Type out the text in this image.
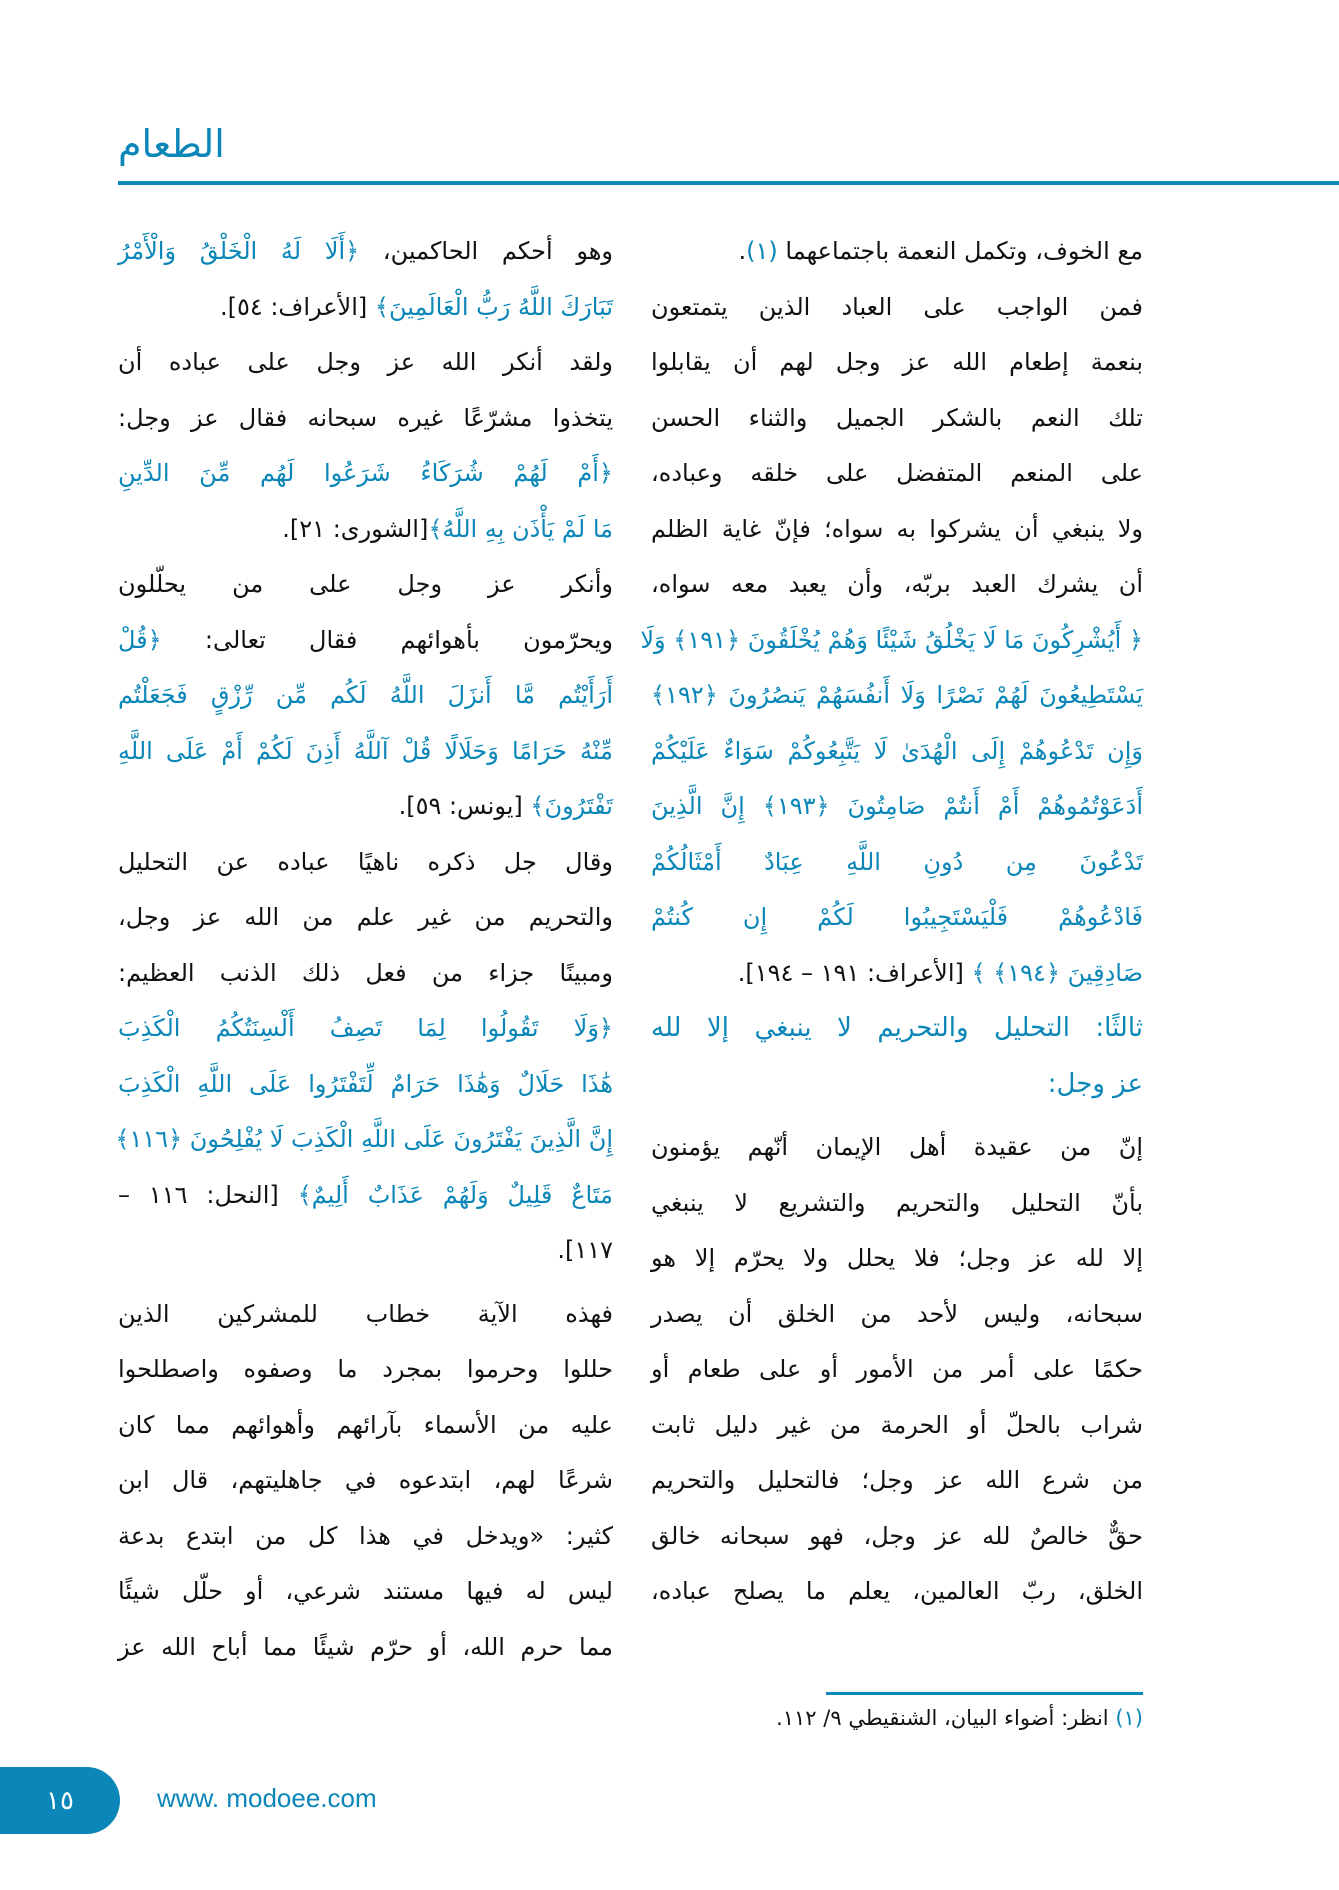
الطعام
مع الخوف، وتكمل النعمة باجتماعهما (١).
فمن الواجب على العباد الذين يتمتعون
بنعمة إطعام الله عز وجل لهم أن يقابلوا
تلك النعم بالشكر الجميل والثناء الحسن
على المنعم المتفضل على خلقه وعباده،
ولا ينبغي أن يشركوا به سواه؛ فإنّ غاية الظلم
أن يشرك العبد بربّه، وأن يعبد معه سواه،
﴿ أَيُشْرِكُونَ مَا لَا يَخْلُقُ شَيْئًا وَهُمْ يُخْلَقُونَ ﴿١٩١﴾ وَلَا
يَسْتَطِيعُونَ لَهُمْ نَصْرًا وَلَا أَنفُسَهُمْ يَنصُرُونَ ﴿١٩٢﴾
وَإِن تَدْعُوهُمْ إِلَى الْهُدَىٰ لَا يَتَّبِعُوكُمْ سَوَاءٌ عَلَيْكُمْ
أَدَعَوْتُمُوهُمْ أَمْ أَنتُمْ صَامِتُونَ ﴿١٩٣﴾ إِنَّ الَّذِينَ
تَدْعُونَ مِن دُونِ اللَّهِ عِبَادٌ أَمْثَالُكُمْ
فَادْعُوهُمْ فَلْيَسْتَجِيبُوا لَكُمْ إِن كُنتُمْ
صَادِقِينَ ﴿١٩٤﴾ ﴾ [الأعراف: ١٩١ – ١٩٤].
ثالثًا: التحليل والتحريم لا ينبغي إلا لله
عز وجل:
إنّ من عقيدة أهل الإيمان أنّهم يؤمنون
بأنّ التحليل والتحريم والتشريع لا ينبغي
إلا لله عز وجل؛ فلا يحلل ولا يحرّم إلا هو
سبحانه، وليس لأحد من الخلق أن يصدر
حكمًا على أمر من الأمور أو على طعام أو
شراب بالحلّ أو الحرمة من غير دليل ثابت
من شرع الله عز وجل؛ فالتحليل والتحريم
حقٌّ خالصٌ لله عز وجل، فهو سبحانه خالق
الخلق، ربّ العالمين، يعلم ما يصلح عباده،
وهو أحكم الحاكمين، ﴿أَلَا لَهُ الْخَلْقُ وَالْأَمْرُ
تَبَارَكَ اللَّهُ رَبُّ الْعَالَمِينَ﴾ [الأعراف: ٥٤].
ولقد أنكر الله عز وجل على عباده أن
يتخذوا مشرّعًا غيره سبحانه فقال عز وجل:
﴿أَمْ لَهُمْ شُرَكَاءُ شَرَعُوا لَهُم مِّنَ الدِّينِ
مَا لَمْ يَأْذَن بِهِ اللَّهُ﴾[الشورى: ٢١].
وأنكر عز وجل على من يحلّلون
ويحرّمون بأهوائهم فقال تعالى: ﴿قُلْ
أَرَأَيْتُم مَّا أَنزَلَ اللَّهُ لَكُم مِّن رِّزْقٍ فَجَعَلْتُم
مِّنْهُ حَرَامًا وَحَلَالًا قُلْ آللَّهُ أَذِنَ لَكُمْ أَمْ عَلَى اللَّهِ
تَفْتَرُونَ﴾ [يونس: ٥٩].
وقال جل ذكره ناهيًا عباده عن التحليل
والتحريم من غير علم من الله عز وجل،
ومبينًا جزاء من فعل ذلك الذنب العظيم:
﴿وَلَا تَقُولُوا لِمَا تَصِفُ أَلْسِنَتُكُمُ الْكَذِبَ
هَٰذَا حَلَالٌ وَهَٰذَا حَرَامٌ لِّتَفْتَرُوا عَلَى اللَّهِ الْكَذِبَ
إِنَّ الَّذِينَ يَفْتَرُونَ عَلَى اللَّهِ الْكَذِبَ لَا يُفْلِحُونَ ﴿١١٦﴾
مَتَاعٌ قَلِيلٌ وَلَهُمْ عَذَابٌ أَلِيمٌ﴾ [النحل: ١١٦ –
١١٧].
فهذه الآية خطاب للمشركين الذين
حللوا وحرموا بمجرد ما وصفوه واصطلحوا
عليه من الأسماء بآرائهم وأهوائهم مما كان
شرعًا لهم، ابتدعوه في جاهليتهم، قال ابن
كثير: «ويدخل في هذا كل من ابتدع بدعة
ليس له فيها مستند شرعي، أو حلّل شيئًا
مما حرم الله، أو حرّم شيئًا مما أباح الله عز
(١) انظر: أضواء البيان، الشنقيطي ٩/ ١١٢.
١٥	www. modoee.com
